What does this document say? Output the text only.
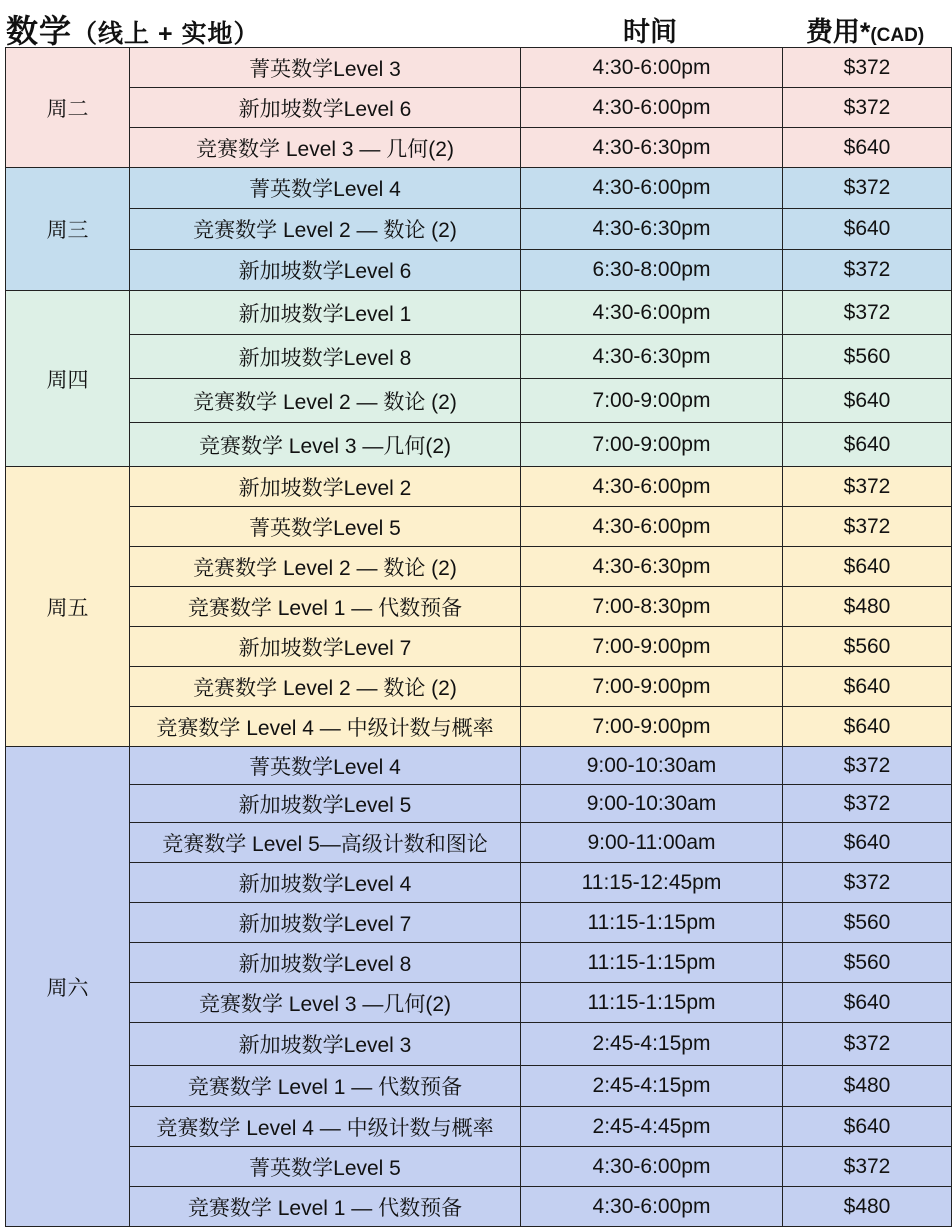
数学（线上 + 实地）	时间	费用*(CAD)
周二	菁英数学Level 3	4:30-6:00pm	$372
	新加坡数学Level 6	4:30-6:00pm	$372
	竞赛数学 Level 3 — 几何(2)	4:30-6:30pm	$640
周三	菁英数学Level 4	4:30-6:00pm	$372
	竞赛数学 Level 2 — 数论 (2)	4:30-6:30pm	$640
	新加坡数学Level 6	6:30-8:00pm	$372
周四	新加坡数学Level 1	4:30-6:00pm	$372
	新加坡数学Level 8	4:30-6:30pm	$560
	竞赛数学 Level 2 — 数论 (2)	7:00-9:00pm	$640
	竞赛数学 Level 3 —几何(2)	7:00-9:00pm	$640
周五	新加坡数学Level 2	4:30-6:00pm	$372
	菁英数学Level 5	4:30-6:00pm	$372
	竞赛数学 Level 2 — 数论 (2)	4:30-6:30pm	$640
	竞赛数学 Level 1 — 代数预备	7:00-8:30pm	$480
	新加坡数学Level 7	7:00-9:00pm	$560
	竞赛数学 Level 2 — 数论 (2)	7:00-9:00pm	$640
	竞赛数学 Level 4 — 中级计数与概率	7:00-9:00pm	$640
周六	菁英数学Level 4	9:00-10:30am	$372
	新加坡数学Level 5	9:00-10:30am	$372
	竞赛数学 Level 5—高级计数和图论	9:00-11:00am	$640
	新加坡数学Level 4	11:15-12:45pm	$372
	新加坡数学Level 7	11:15-1:15pm	$560
	新加坡数学Level 8	11:15-1:15pm	$560
	竞赛数学 Level 3 —几何(2)	11:15-1:15pm	$640
	新加坡数学Level 3	2:45-4:15pm	$372
	竞赛数学 Level 1 — 代数预备	2:45-4:15pm	$480
	竞赛数学 Level 4 — 中级计数与概率	2:45-4:45pm	$640
	菁英数学Level 5	4:30-6:00pm	$372
	竞赛数学 Level 1 — 代数预备	4:30-6:00pm	$480
